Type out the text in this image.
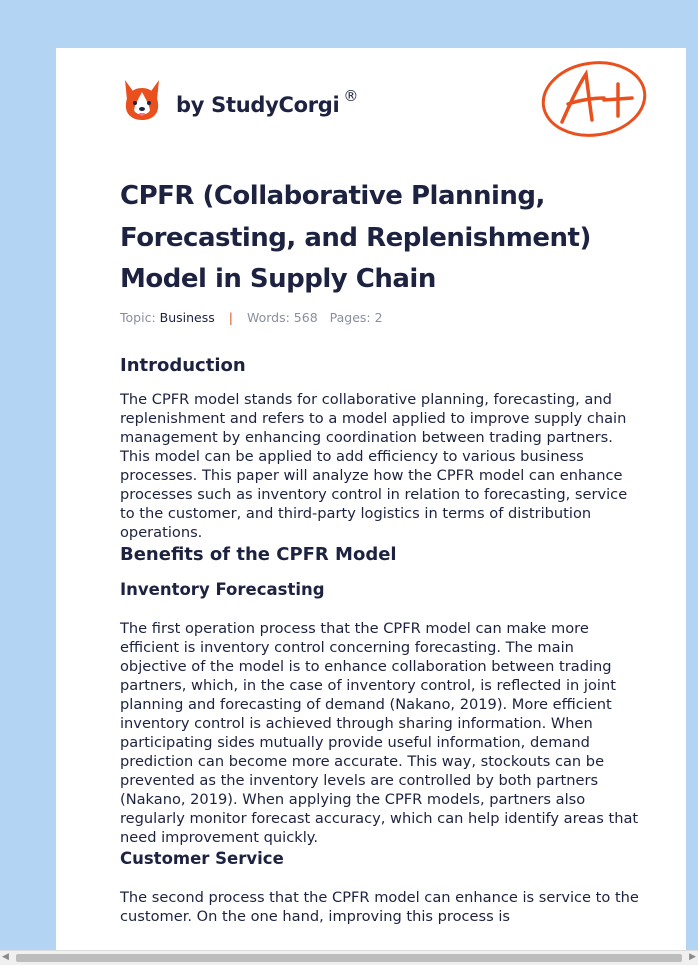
by StudyCorgi ®
CPFR (Collaborative Planning, Forecasting, and Replenishment) Model in Supply Chain
Topic: Business | Words: 568 Pages: 2
Introduction

The CPFR model stands for collaborative planning, forecasting, and replenishment and refers to a model applied to improve supply chain management by enhancing coordination between trading partners. This model can be applied to add efficiency to various business processes. This paper will analyze how the CPFR model can enhance processes such as inventory control in relation to forecasting, service to the customer, and third-party logistics in terms of distribution operations.

Benefits of the CPFR Model
Inventory Forecasting

The first operation process that the CPFR model can make more efficient is inventory control concerning forecasting. The main objective of the model is to enhance collaboration between trading partners, which, in the case of inventory control, is reflected in joint planning and forecasting of demand (Nakano, 2019). More efficient inventory control is achieved through sharing information. When participating sides mutually provide useful information, demand prediction can become more accurate. This way, stockouts can be prevented as the inventory levels are controlled by both partners (Nakano, 2019). When applying the CPFR models, partners also regularly monitor forecast accuracy, which can help identify areas that need improvement quickly.

Customer Service

The second process that the CPFR model can enhance is service to the customer. On the one hand, improving this process is

◀	▶
